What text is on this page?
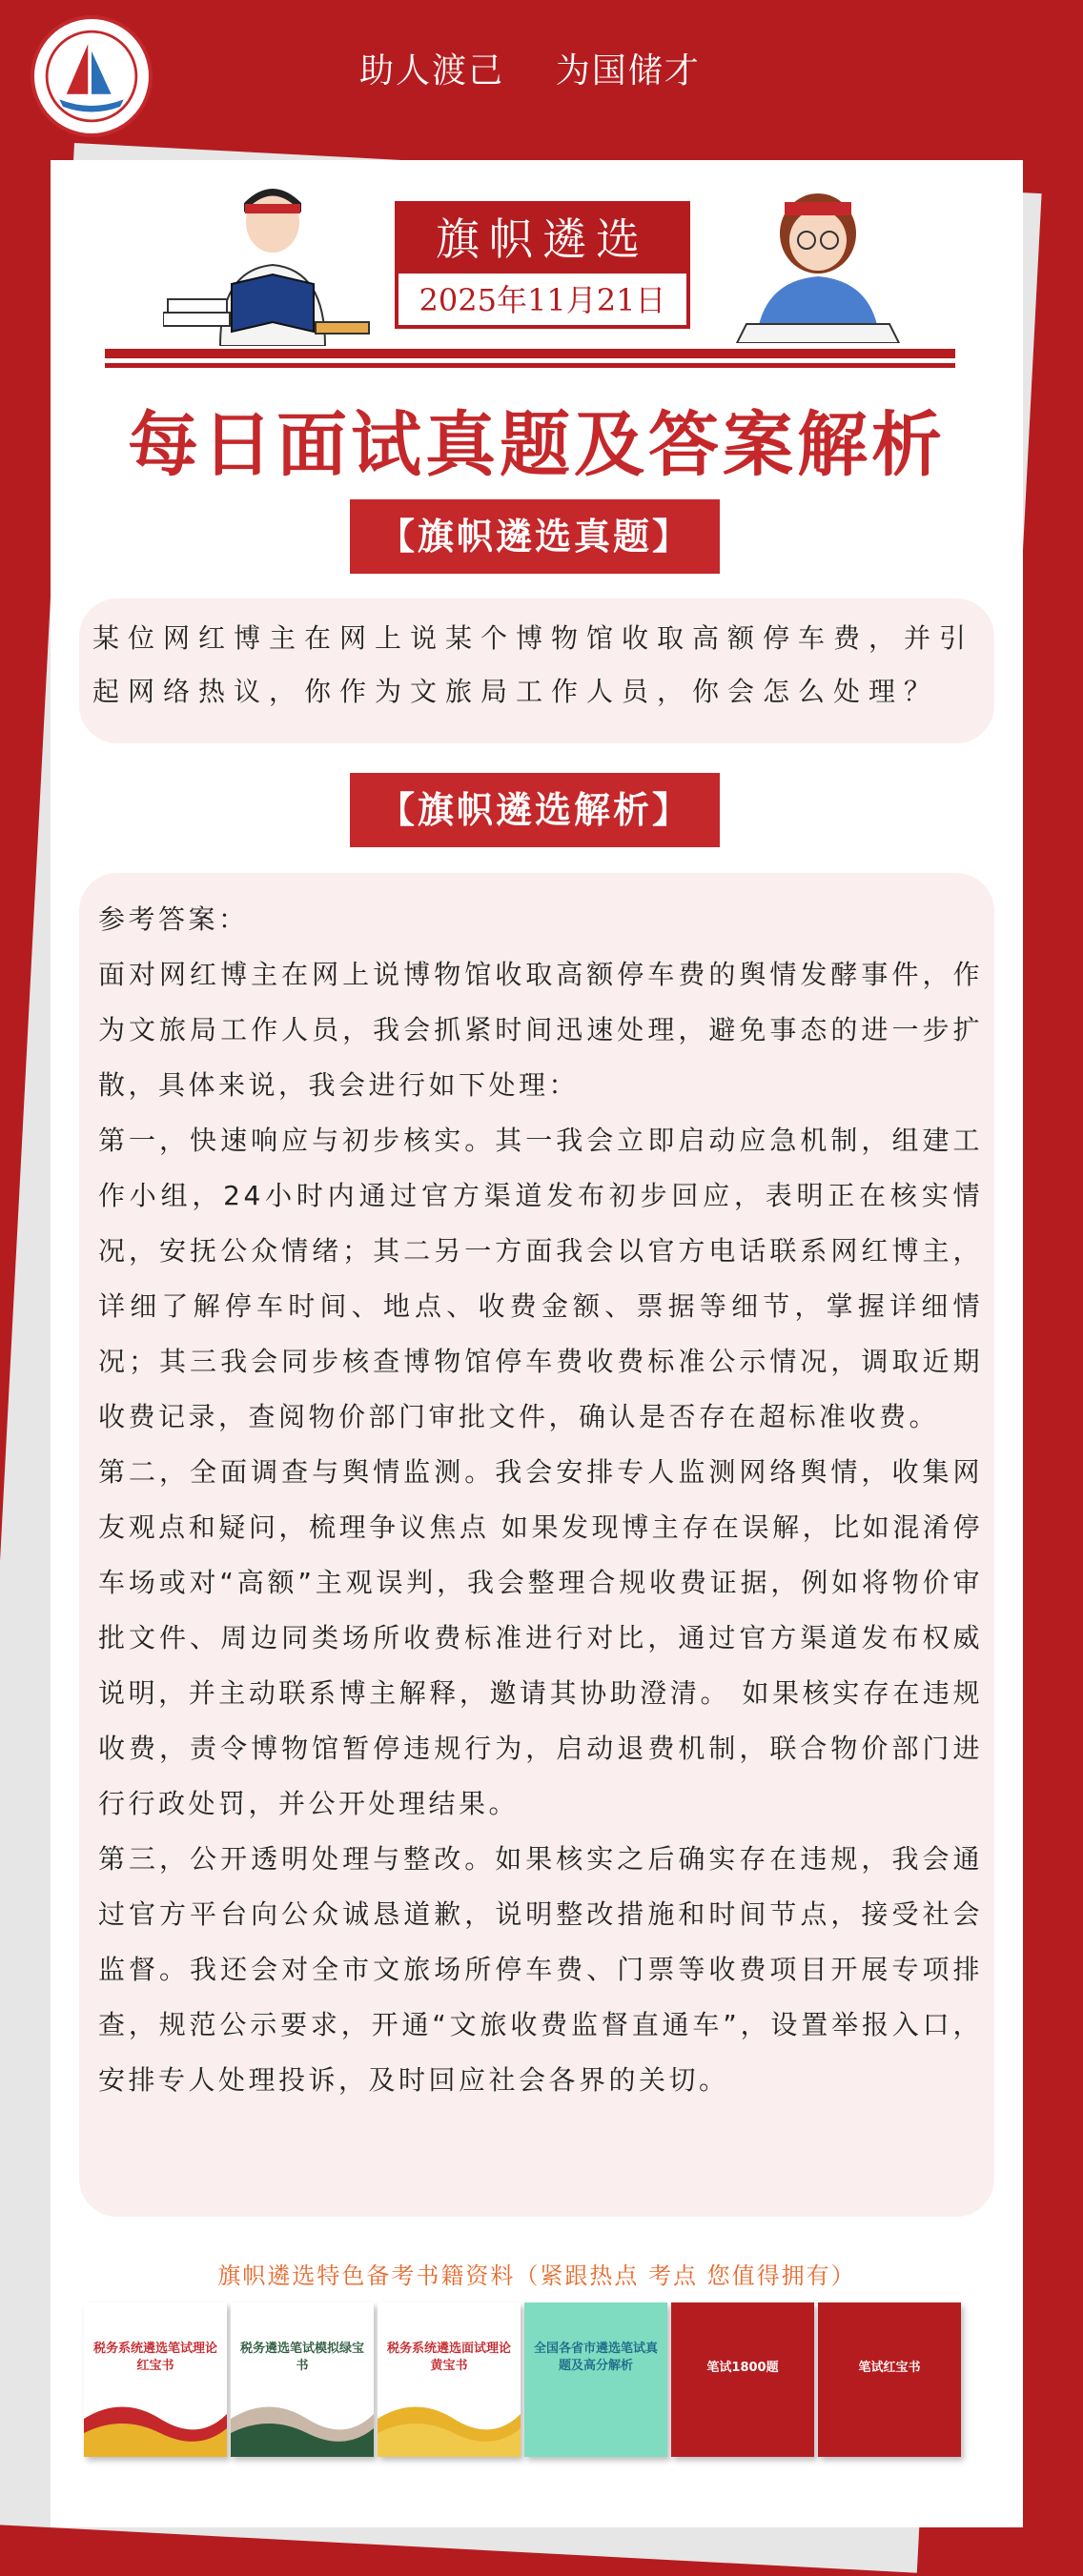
助人渡己    为国储才
旗帜遴选
2025年11月21日
每日面试真题及答案解析
【旗帜遴选真题】
某位网红博主在网上说某个博物馆收取高额停车费，并引起网络热议，你作为文旅局工作人员，你会怎么处理？
【旗帜遴选解析】

参考答案：

面对网红博主在网上说博物馆收取高额停车费的舆情发酵事件，作为文旅局工作人员，我会抓紧时间迅速处理，避免事态的进一步扩散，具体来说，我会进行如下处理：

第一，快速响应与初步核实。其一我会立即启动应急机制，组建工作小组，24小时内通过官方渠道发布初步回应，表明正在核实情况，安抚公众情绪；其二另一方面我会以官方电话联系网红博主，详细了解停车时间、地点、收费金额、票据等细节，掌握详细情况；其三我会同步核查博物馆停车费收费标准公示情况，调取近期收费记录，查阅物价部门审批文件，确认是否存在超标准收费。

第二，全面调查与舆情监测。我会安排专人监测网络舆情，收集网友观点和疑问，梳理争议焦点 如果发现博主存在误解，比如混淆停车场或对“高额”主观误判，我会整理合规收费证据，例如将物价审批文件、周边同类场所收费标准进行对比，通过官方渠道发布权威说明，并主动联系博主解释，邀请其协助澄清。 如果核实存在违规收费，责令博物馆暂停违规行为，启动退费机制，联合物价部门进行行政处罚，并公开处理结果。

第三，公开透明处理与整改。如果核实之后确实存在违规，我会通过官方平台向公众诚恳道歉，说明整改措施和时间节点，接受社会监督。我还会对全市文旅场所停车费、门票等收费项目开展专项排查，规范公示要求，开通“文旅收费监督直通车”，设置举报入口，安排专人处理投诉，及时回应社会各界的关切。

旗帜遴选特色备考书籍资料（紧跟热点 考点 您值得拥有）
税务系统遴选笔试理论红宝书
税务遴选笔试模拟绿宝书
税务系统遴选面试理论黄宝书
全国各省市遴选笔试真题及高分解析	笔试1800题	笔试红宝书
